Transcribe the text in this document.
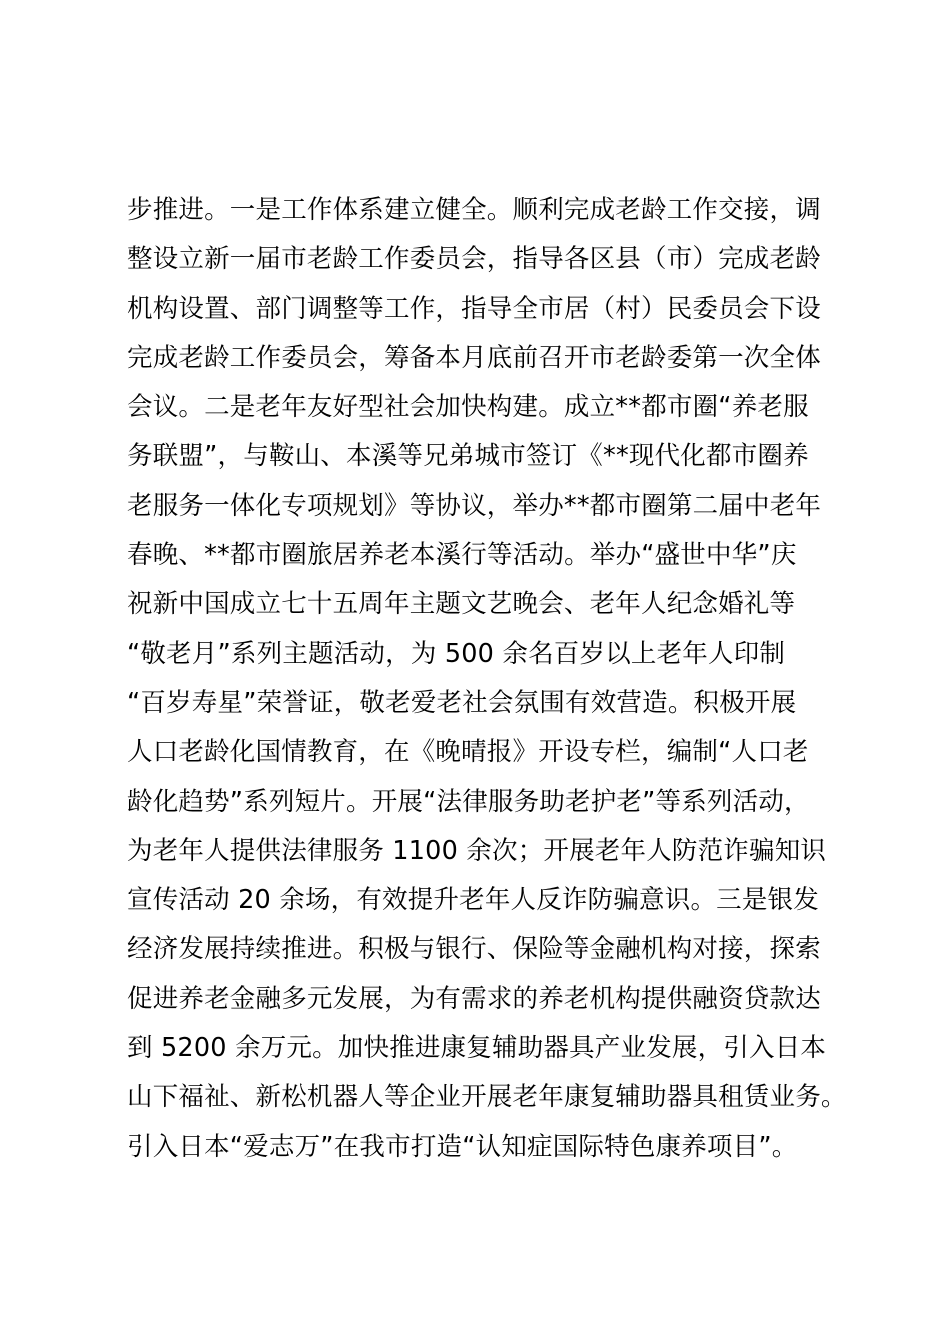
步推进。一是工作体系建立健全。顺利完成老龄工作交接，调
整设立新一届市老龄工作委员会，指导各区县（市）完成老龄
机构设置、部门调整等工作，指导全市居（村）民委员会下设
完成老龄工作委员会，筹备本月底前召开市老龄委第一次全体
会议。二是老年友好型社会加快构建。成立**都市圈“养老服
务联盟”，与鞍山、本溪等兄弟城市签订《**现代化都市圈养
老服务一体化专项规划》等协议，举办**都市圈第二届中老年
春晚、**都市圈旅居养老本溪行等活动。举办“盛世中华”庆
祝新中国成立七十五周年主题文艺晚会、老年人纪念婚礼等
“敬老月”系列主题活动，为 500 余名百岁以上老年人印制
“百岁寿星”荣誉证，敬老爱老社会氛围有效营造。积极开展
人口老龄化国情教育，在《晚晴报》开设专栏，编制“人口老
龄化趋势”系列短片。开展“法律服务助老护老”等系列活动，
为老年人提供法律服务 1100 余次；开展老年人防范诈骗知识
宣传活动 20 余场，有效提升老年人反诈防骗意识。三是银发
经济发展持续推进。积极与银行、保险等金融机构对接，探索
促进养老金融多元发展，为有需求的养老机构提供融资贷款达
到 5200 余万元。加快推进康复辅助器具产业发展，引入日本
山下福祉、新松机器人等企业开展老年康复辅助器具租赁业务。
引入日本“爱志万”在我市打造“认知症国际特色康养项目”。
